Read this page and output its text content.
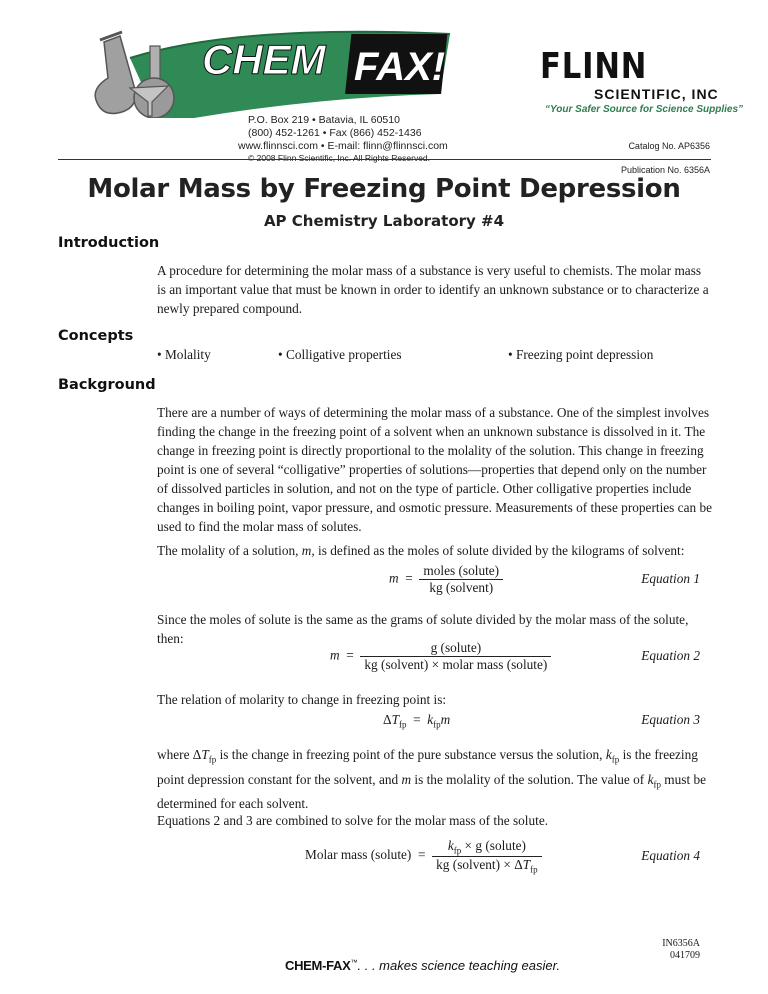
CHEM FAX!
P.O. Box 219 • Batavia, IL 60510
(800) 452-1261 • Fax (866) 452-1436
www.flinnsci.com • E-mail: flinn@flinnsci.com
© 2008 Flinn Scientific, Inc. All Rights Reserved.
FLINN
SCIENTIFIC, INC
“Your Safer Source for Science Supplies”
Catalog No. AP6356
Publication No. 6356A
Molar Mass by Freezing Point Depression
AP Chemistry Laboratory #4
Introduction
A procedure for determining the molar mass of a substance is very useful to chemists. The molar mass is an important value that must be known in order to identify an unknown substance or to characterize a newly prepared compound.
Concepts
• Molality	• Colligative properties	• Freezing point depression
Background
There are a number of ways of determining the molar mass of a substance. One of the simplest involves finding the change in the freezing point of a solvent when an unknown substance is dissolved in it. The change in freezing point is directly proportional to the molality of the solution. This change in freezing point is one of several “colligative” properties of solutions—properties that depend only on the number of dissolved particles in solution, and not on the type of particle. Other colligative properties include changes in boiling point, vapor pressure, and osmotic pressure. Measurements of these properties can be used to find the molar mass of solutes.
The molality of a solution, m, is defined as the moles of solute divided by the kilograms of solvent:
$m = \frac{\text{moles (solute)}}{\text{kg (solvent)}}$	Equation 1
Since the moles of solute is the same as the grams of solute divided by the molar mass of the solute, then:
$m = \frac{\text{g (solute)}}{\text{kg (solvent) × molar mass (solute)}}$	Equation 2
The relation of molarity to change in freezing point is:
$\Delta T_{fp} = k_{fp}m$	Equation 3
where $\Delta T_{fp}$ is the change in freezing point of the pure substance versus the solution, $k_{fp}$ is the freezing point depression constant for the solvent, and m is the molality of the solution. The value of $k_{fp}$ must be determined for each solvent.
Equations 2 and 3 are combined to solve for the molar mass of the solute.
Molar mass (solute)  = $\frac{k_{fp} \times g (solute)}{kg (solvent) \times \Delta T_{fp}}$	Equation 4
CHEM-FAX™. . . makes science teaching easier.
IN6356A
041709
